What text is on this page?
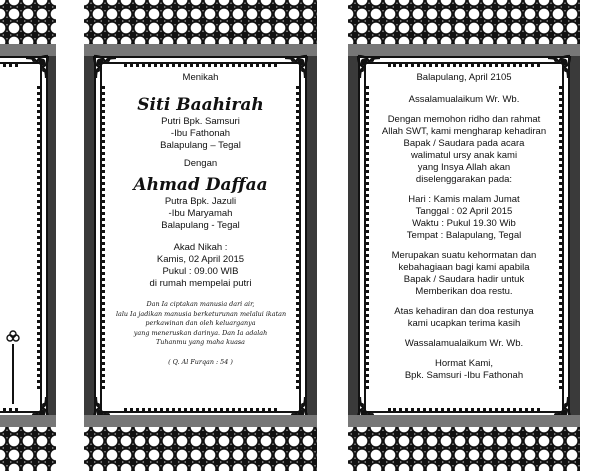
Menikah
Siti Baahirah
Putri Bpk. Samsuri
-Ibu Fathonah
Balapulang – Tegal
Dengan
Ahmad Daffaa
Putra Bpk. Jazuli
-Ibu Maryamah
Balapulang - Tegal
Akad Nikah :
Kamis, 02 April 2015
Pukul : 09.00 WIB
di rumah mempelai putri
Dan Ia ciptakan manusia dari air,
lalu Ia jadikan manusia berketurunan melalui ikatan
perkawinan dan oleh keluarganya
yang meneruskan darinya. Dan Ia adalah
Tuhanmu yang maha kuasa
( Q. Al Furqan : 54 )
Balapulang, April 2105
Assalamualaikum Wr. Wb.
Dengan memohon ridho dan rahmat
Allah SWT, kami mengharap kehadiran
Bapak / Saudara pada acara
walimatul ursy anak kami
yang Insya Allah akan
diselenggarakan pada:
Hari : Kamis malam Jumat
Tanggal : 02 April 2015
Waktu : Pukul 19.30 Wib
Tempat : Balapulang, Tegal
Merupakan suatu kehormatan dan
kebahagiaan bagi kami apabila
Bapak / Saudara hadir untuk
Memberikan doa restu.
Atas kehadiran dan doa restunya
kami ucapkan terima kasih
Wassalamualaikum Wr. Wb.
Hormat Kami,
Bpk. Samsuri -Ibu Fathonah
